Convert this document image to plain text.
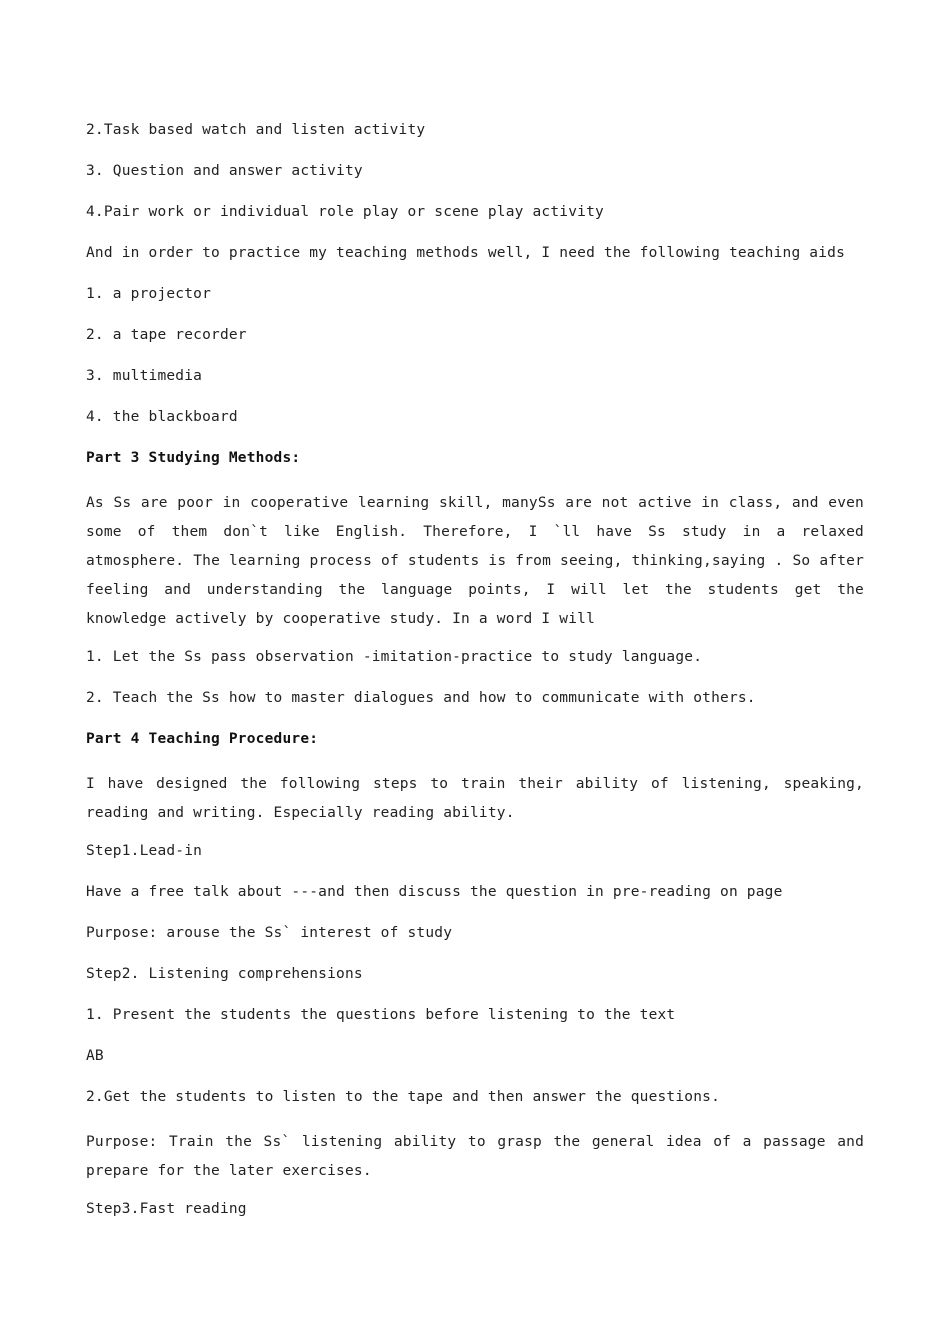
2.Task based watch and listen activity

3. Question and answer activity

4.Pair work or individual role play or scene play activity

And in order to practice my teaching methods well, I need the following teaching aids

1. a projector

2. a tape recorder

3. multimedia

4. the blackboard

Part 3 Studying Methods:

As Ss are poor in cooperative learning skill, manySs are not active in class, and even some of them don`t like English. Therefore, I `ll have Ss study in a relaxed atmosphere. The learning process of students is from seeing, thinking,saying . So after feeling and understanding the language points, I will let the students get the knowledge actively by cooperative study. In a word I will

1. Let the Ss pass observation -imitation-practice to study language.

2. Teach the Ss how to master dialogues and how to communicate with others.

Part 4 Teaching Procedure:

I have designed the following steps to train their ability of listening, speaking, reading and writing. Especially reading ability.

Step1.Lead-in

Have a free talk about ---and then discuss the question in pre-reading on page

Purpose: arouse the Ss` interest of study

Step2. Listening comprehensions

1. Present the students the questions before listening to the text

AB

2.Get the students to listen to the tape and then answer the questions.

Purpose: Train the Ss` listening ability to grasp the general idea of a passage and prepare for the later exercises.

Step3.Fast reading
